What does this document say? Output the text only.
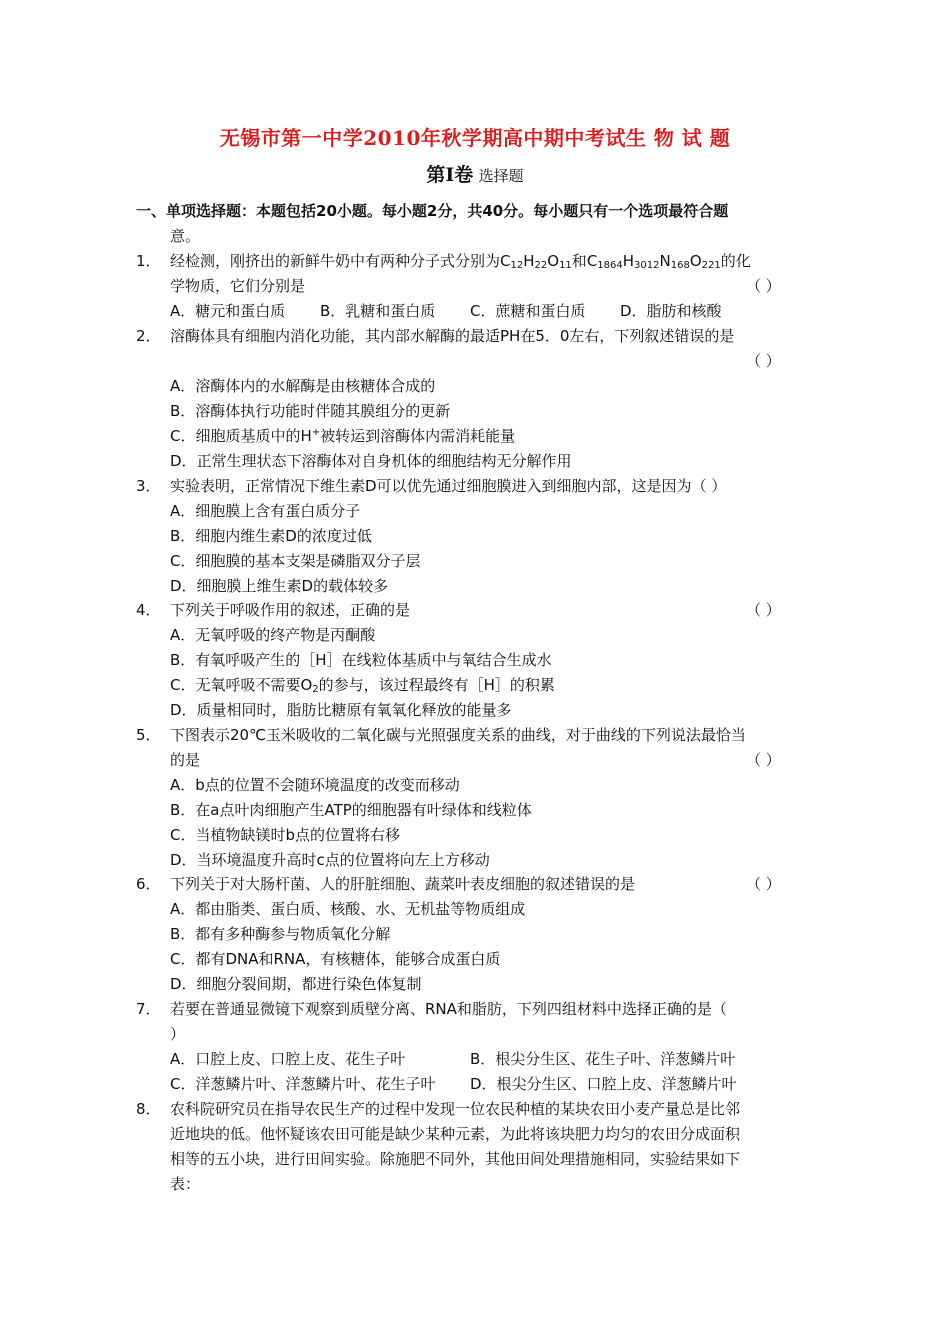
无锡市第一中学2010年秋学期高中期中考试生 物 试 题
第Ⅰ卷 选择题
一、单项选择题：本题包括20小题。每小题2分，共40分。每小题只有一个选项最符合题
意。
1． 经检测，刚挤出的新鲜牛奶中有两种分子式分别为$C_{12}H_{22}O_{11}$和$C_{1864}H_{3012}N_{168}O_{221}$的化
学物质，它们分别是	（ ）
A．糖元和蛋白质 B．乳糖和蛋白质 C．蔗糖和蛋白质 D．脂肪和核酸
2． 溶酶体具有细胞内消化功能，其内部水解酶的最适PH在5．0左右，下列叙述错误的是
（ ）
A．溶酶体内的水解酶是由核糖体合成的
B．溶酶体执行功能时伴随其膜组分的更新
C．细胞质基质中的H+被转运到溶酶体内需消耗能量
D．正常生理状态下溶酶体对自身机体的细胞结构无分解作用
3． 实验表明，正常情况下维生素D可以优先通过细胞膜进入到细胞内部，这是因为（ ）
A．细胞膜上含有蛋白质分子
B．细胞内维生素D的浓度过低
C．细胞膜的基本支架是磷脂双分子层
D．细胞膜上维生素D的载体较多
4． 下列关于呼吸作用的叙述，正确的是	（ ）
A．无氧呼吸的终产物是丙酮酸
B．有氧呼吸产生的［H］在线粒体基质中与氧结合生成水
C．无氧呼吸不需要$O_2$的参与，该过程最终有［H］的积累
D．质量相同时，脂肪比糖原有氧氧化释放的能量多
5． 下图表示20℃玉米吸收的二氧化碳与光照强度关系的曲线，对于曲线的下列说法最恰当
的是	（ ）
A．b点的位置不会随环境温度的改变而移动
B．在a点叶肉细胞产生ATP的细胞器有叶绿体和线粒体
C．当植物缺镁时b点的位置将右移
D．当环境温度升高时c点的位置将向左上方移动
6． 下列关于对大肠杆菌、人的肝脏细胞、蔬菜叶表皮细胞的叙述错误的是	（ ）
A．都由脂类、蛋白质、核酸、水、无机盐等物质组成
B．都有多种酶参与物质氧化分解
C．都有DNA和RNA，有核糖体，能够合成蛋白质
D．细胞分裂间期，都进行染色体复制
7． 若要在普通显微镜下观察到质壁分离、RNA和脂肪，下列四组材料中选择正确的是（
）
A．口腔上皮、口腔上皮、花生子叶	B．根尖分生区、花生子叶、洋葱鳞片叶
C．洋葱鳞片叶、洋葱鳞片叶、花生子叶 D．根尖分生区、口腔上皮、洋葱鳞片叶
8． 农科院研究员在指导农民生产的过程中发现一位农民种植的某块农田小麦产量总是比邻
近地块的低。他怀疑该农田可能是缺少某种元素，为此将该块肥力均匀的农田分成面积
相等的五小块，进行田间实验。除施肥不同外，其他田间处理措施相同，实验结果如下
表：
